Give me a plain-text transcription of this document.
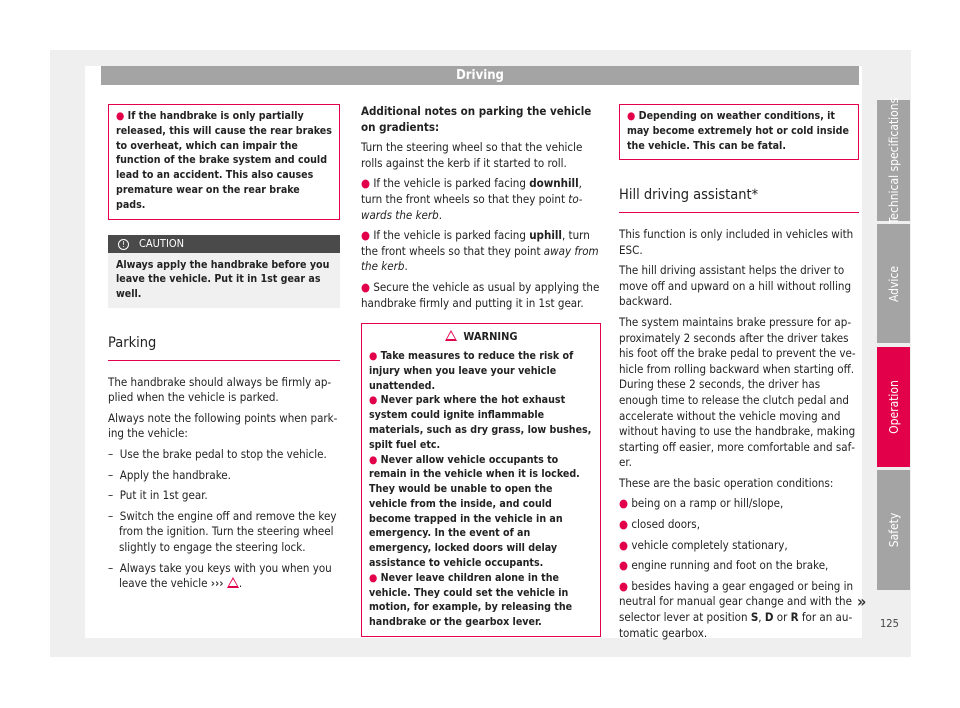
Driving

● If the handbrake is only partially released, this will cause the rear brakes to overheat, which can impair the function of the brake system and could lead to an accident. This also causes premature wear on the rear brake pads.

! CAUTION
Always apply the handbrake before you leave the vehicle. Put it in 1st gear as well.
Parking

The handbrake should always be firmly applied when the vehicle is parked.

Always note the following points when parking the vehicle:

–  Use the brake pedal to stop the vehicle.

–  Apply the handbrake.

–  Put it in 1st gear.

–  Switch the engine off and remove the key from the ignition. Turn the steering wheel slightly to engage the steering lock.

–  Always take you keys with you when you leave the vehicle ››› .

Additional notes on parking the vehicle on gradients:

Turn the steering wheel so that the vehicle rolls against the kerb if it started to roll.

● If the vehicle is parked facing downhill, turn the front wheels so that they point towards the kerb.

● If the vehicle is parked facing uphill, turn the front wheels so that they point away from the kerb.

● Secure the vehicle as usual by applying the handbrake firmly and putting it in 1st gear.

WARNING

● Take measures to reduce the risk of injury when you leave your vehicle unattended.

● Never park where the hot exhaust system could ignite inflammable materials, such as dry grass, low bushes, spilt fuel etc.

● Never allow vehicle occupants to remain in the vehicle when it is locked. They would be unable to open the vehicle from the inside, and could become trapped in the vehicle in an emergency. In the event of an emergency, locked doors will delay assistance to vehicle occupants.

● Never leave children alone in the vehicle. They could set the vehicle in motion, for example, by releasing the handbrake or the gearbox lever.

● Depending on weather conditions, it may become extremely hot or cold inside the vehicle. This can be fatal.

Hill driving assistant*

This function is only included in vehicles with ESC.

The hill driving assistant helps the driver to move off and upward on a hill without rolling backward.

The system maintains brake pressure for approximately 2 seconds after the driver takes his foot off the brake pedal to prevent the vehicle from rolling backward when starting off. During these 2 seconds, the driver has enough time to release the clutch pedal and accelerate without the vehicle moving and without having to use the handbrake, making starting off easier, more comfortable and safer.

These are the basic operation conditions:

● being on a ramp or hill/slope,

● closed doors,

● vehicle completely stationary,

● engine running and foot on the brake,

● besides having a gear engaged or being in neutral for manual gear change and with the selector lever at position S, D or R for an automatic gearbox.

»
Technical specifications
Advice
Operation
Safety
125
